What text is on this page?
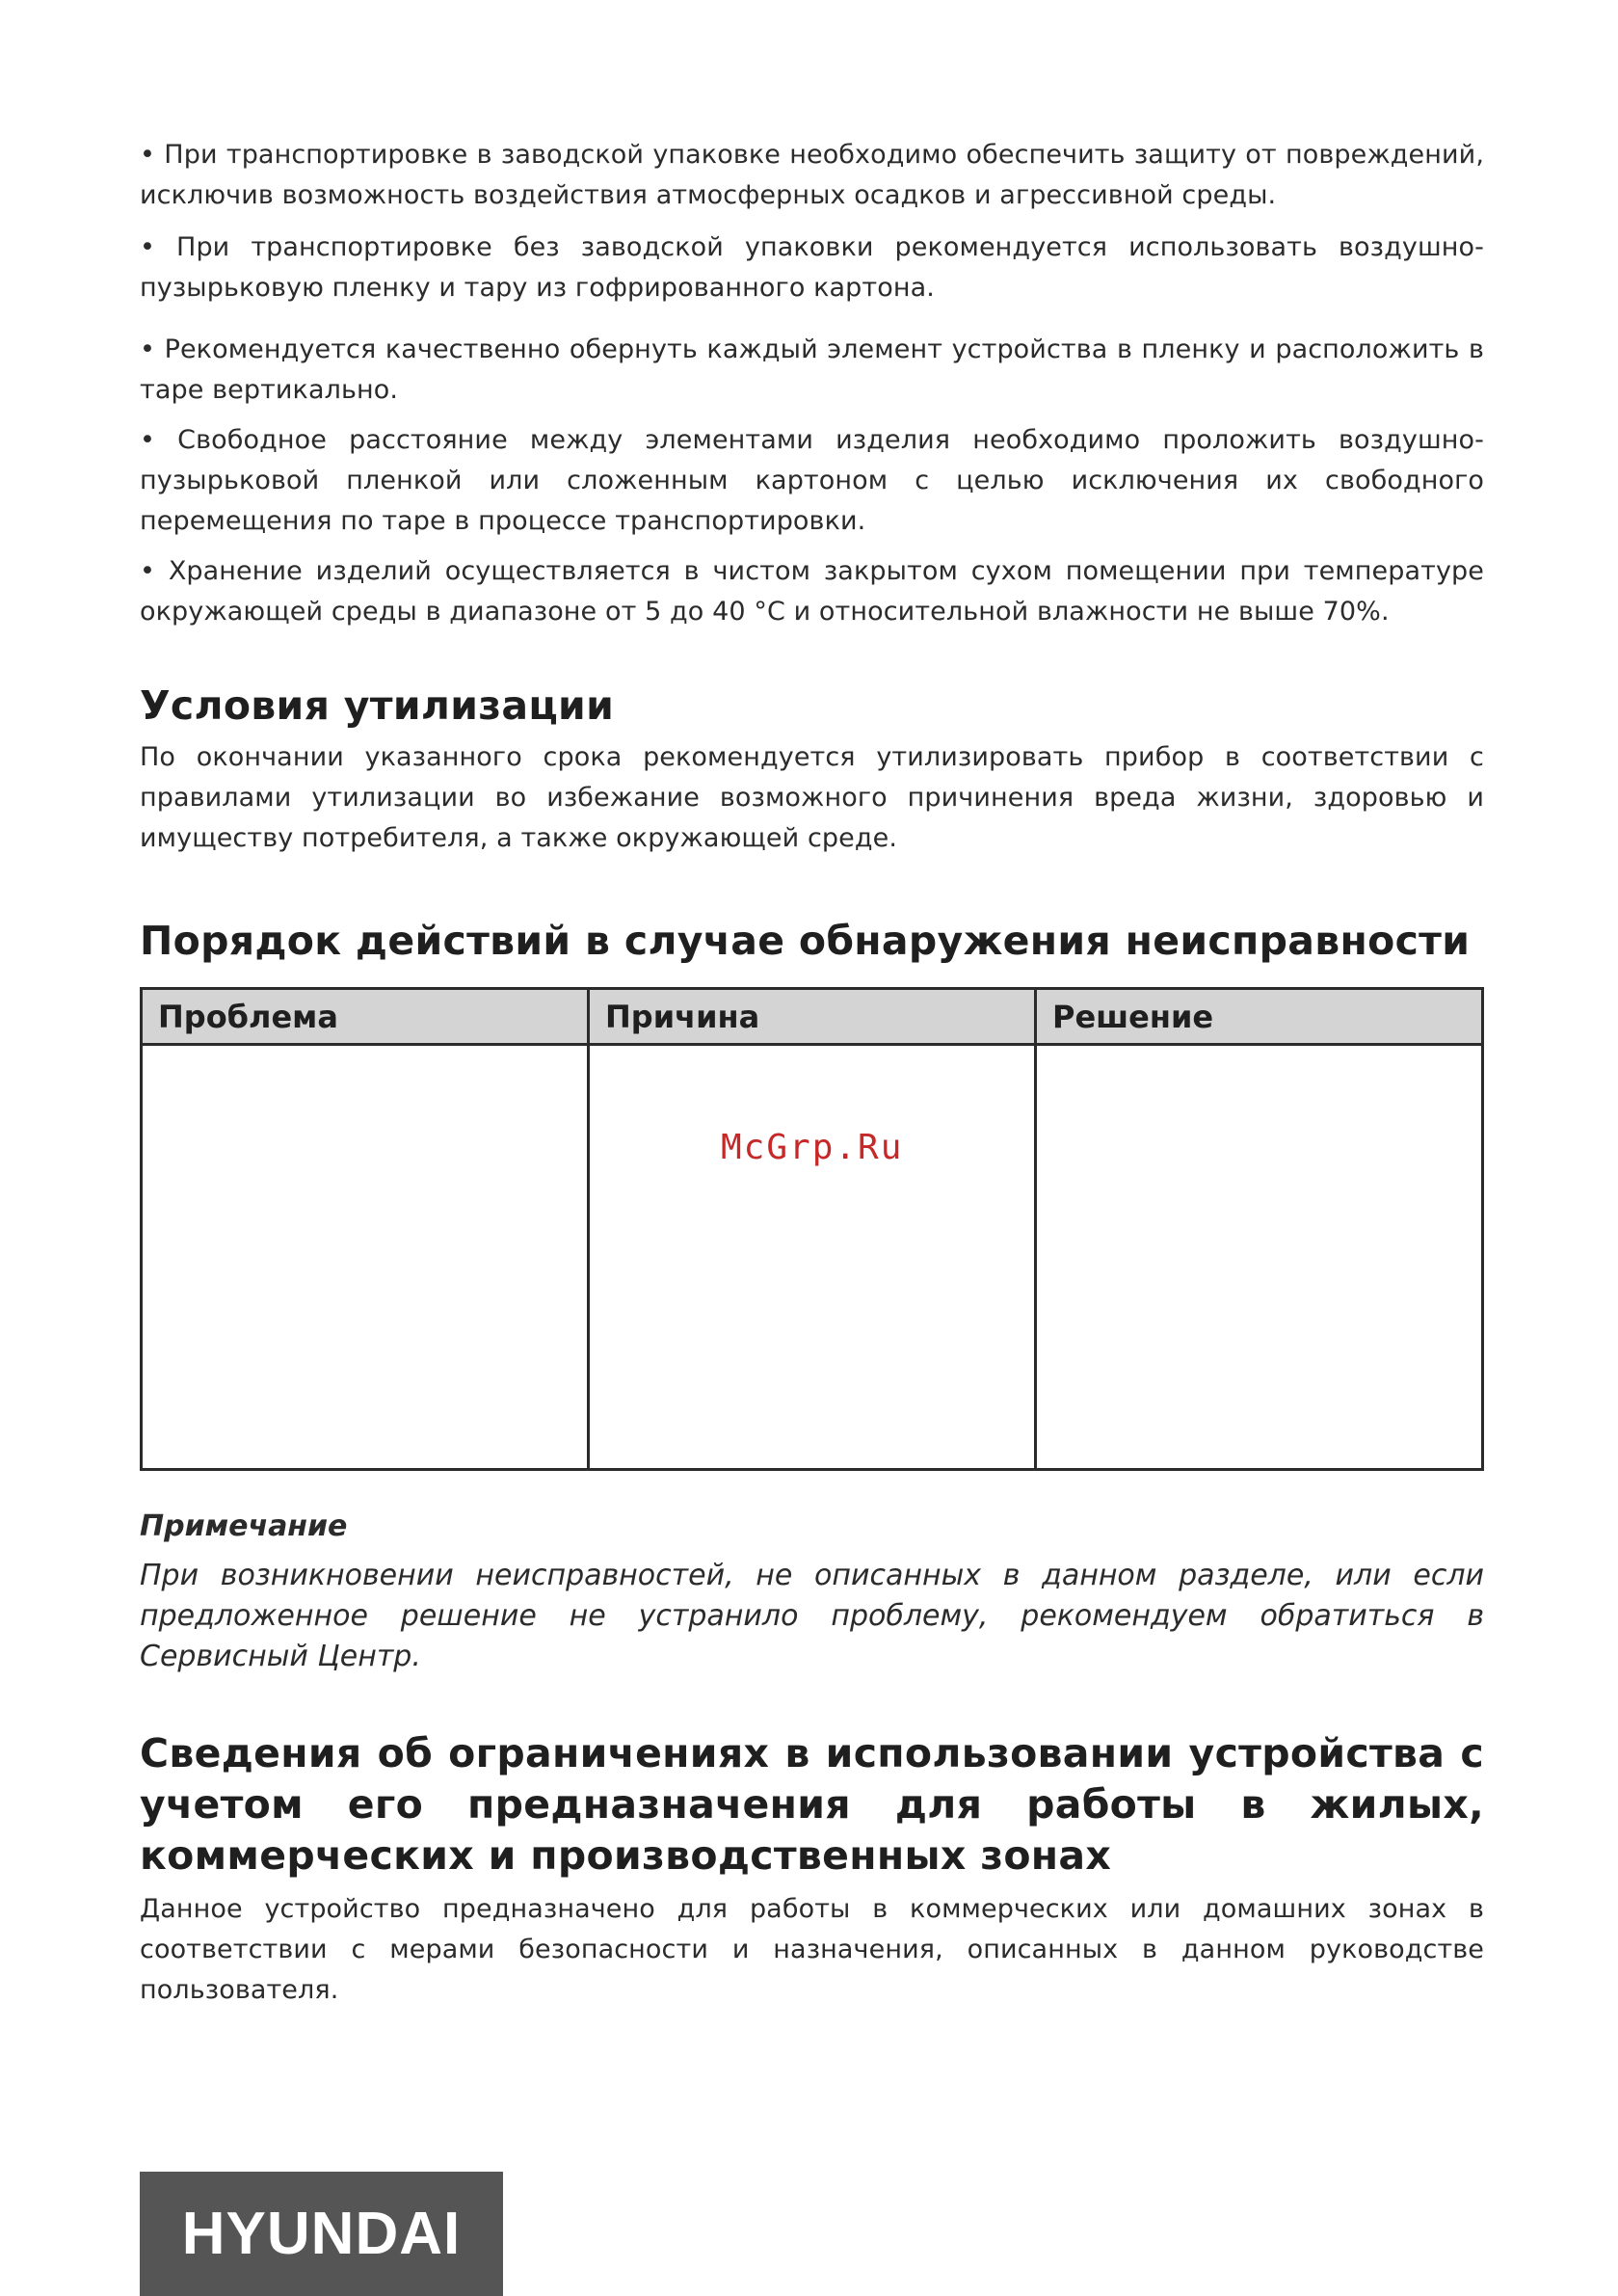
• При транспортировке в заводской упаковке необходимо обеспечить защиту от повреждений, исключив возможность воздействия атмосферных осадков и агрессивной среды.

• При транспортировке без заводской упаковки рекомендуется использовать воздушно-пузырьковую пленку и тару из гофрированного картона.

• Рекомендуется качественно обернуть каждый элемент устройства в пленку и расположить в таре вертикально.

• Свободное расстояние между элементами изделия необходимо проложить воздушно-пузырьковой пленкой или сложенным картоном с целью исключения их свободного перемещения по таре в процессе транспортировки.

• Хранение изделий осуществляется в чистом закрытом сухом помещении при температуре окружающей среды в диапазоне от 5 до 40 °С и относительной влажности не выше 70%.

Условия утилизации

По окончании указанного срока рекомендуется утилизировать прибор в соответствии с правилами утилизации во избежание возможного причинения вреда жизни, здоровью и имуществу потребителя, а также окружающей среде.

Порядок действий в случае обнаружения неисправности
Проблема	Причина	Решение

McGrp.Ru

Примечание

При возникновении неисправностей, не описанных в данном разделе, или если предложенное решение не устранило проблему, рекомендуем обратиться в Сервисный Центр.

Сведения об ограничениях в использовании устройства с учетом его предназначения для работы в жилых, коммерческих и производственных зонах

Данное устройство предназначено для работы в коммерческих или домашних зонах в соответствии с мерами безопасности и назначения, описанных в данном руководстве пользователя.

HYUNDAI
